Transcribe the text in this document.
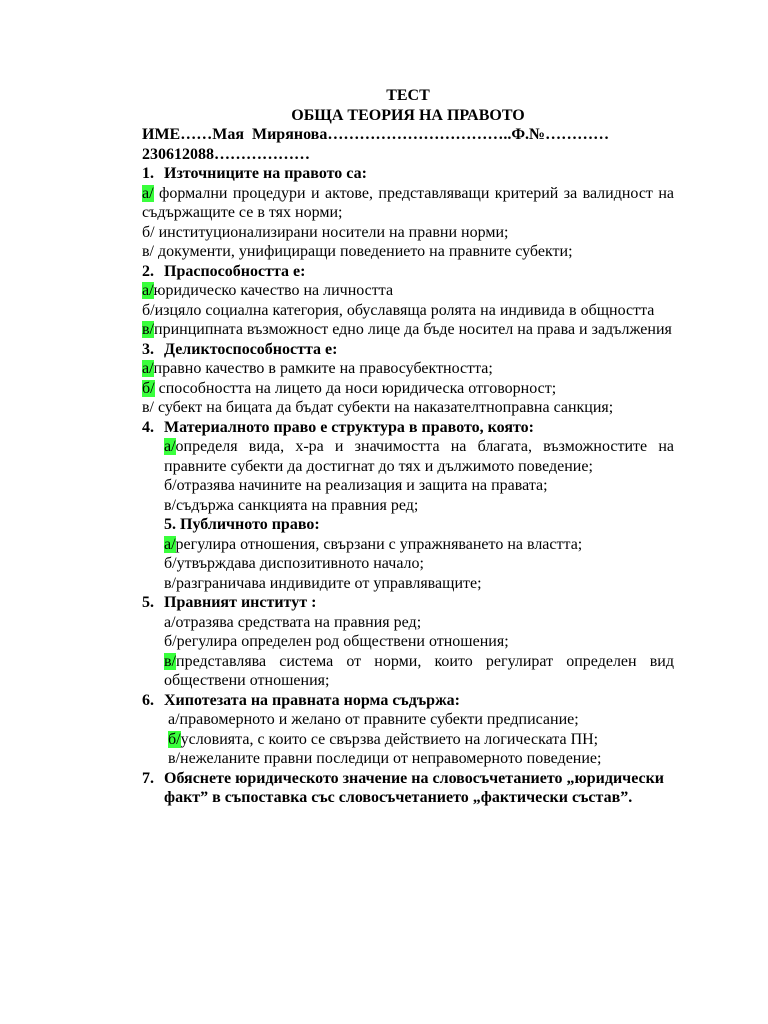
ТЕСТ
ОБЩА ТЕОРИЯ НА ПРАВОТО
ИМЕ……Мая  Мирянова……………………………..Ф.№…………
230612088………………
1. Източниците на правото са:
а/ формални процедури и актове, представляващи критерий за валидност на съдържащите се в тях норми;
б/ институционализирани носители на правни норми;
в/ документи, унифициращи поведението на правните субекти;
2. Праспособността е:
а/юридическо качество на личността
б/изцяло социална категория, обуславяща ролята на индивида в общността
в/принципната възможност едно лице да бъде носител на права и задължения
3. Деликтоспособността е:
а/правно качество в рамките на правосубектността;
б/ способността на лицето да носи юридическа отговорност;
в/ субект на бицата да бъдат субекти на наказателтноправна санкция;
4. Материалното право е структура в правото, която:
а/определя вида, х-ра и значимостта на благата, възможностите на правните субекти да достигнат до тях и дължимото поведение;
б/отразява начините на реализация и защита на правата;
в/съдържа санкцията на правния ред;
5. Публичното право:
а/регулира отношения, свързани с упражняването на властта;
б/утвърждава диспозитивното начало;
в/разграничава индивидите от управляващите;
5. Правният институт :
а/отразява средствата на правния ред;
б/регулира определен род обществени отношения;
в/представлява система от норми, които регулират определен вид обществени отношения;
6. Хипотезата на правната норма съдържа:
а/правомерното и желано от правните субекти предписание;
б/условията, с които се свързва действието на логическата ПН;
в/нежеланите правни последици от неправомерното поведение;
7. Обяснете юридическото значение на словосъчетанието „юридически факт” в съпоставка със словосъчетанието „фактически състав”.
